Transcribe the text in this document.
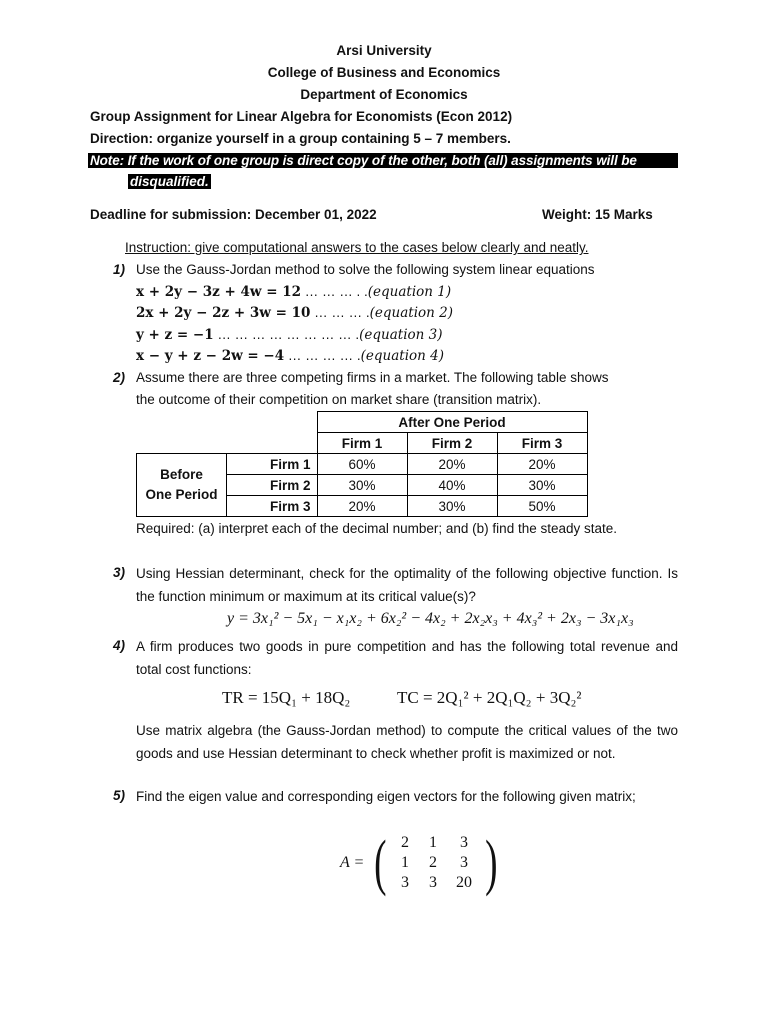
Arsi University
College of Business and Economics
Department of Economics
Group Assignment for Linear Algebra for Economists (Econ 2012)
Direction: organize yourself in a group containing 5 – 7 members.
Note: If the work of one group is direct copy of the other, both (all) assignments will be
disqualified.
Deadline for submission: December 01, 2022	Weight: 15 Marks
Instruction: give computational answers to the cases below clearly and neatly.
1) Use the Gauss-Jordan method to solve the following system linear equations
x + 2y − 3z + 4w = 12 … … … . .(equation 1)
2x + 2y − 2z + 3w = 10 … … … .(equation 2)
y + z = −1 … … … … … … … … .(equation 3)
x − y + z − 2w = −4 … … … … .(equation 4)
2) Assume there are three competing firms in a market. The following table shows
the outcome of their competition on market share (transition matrix).
		After One Period		
		Firm 1	Firm 2	Firm 3

Before
One Period	Firm 1	60%	20%	20%
	Firm 2	30%	40%	30%
	Firm 3	20%	30%	50%
Required: (a) interpret each of the decimal number; and (b) find the steady state.
3) Using Hessian determinant, check for the optimality of the following objective function. Is the function minimum or maximum at its critical value(s)?
y = 3x₁² − 5x₁ − x₁x₂ + 6x₂² − 4x₂ + 2x₂x₃ + 4x₃² + 2x₃ − 3x₁x₃
4) A firm produces two goods in pure competition and has the following total revenue and total cost functions:
TR = 15Q₁ + 18Q₂	TC = 2Q₁² + 2Q₁Q₂ + 3Q₂²
Use matrix algebra (the Gauss-Jordan method) to compute the critical values of the two goods and use Hessian determinant to check whether profit is maximized or not.
5) Find the eigen value and corresponding eigen vectors for the following given matrix;
A = ( 2	1	3
1	2	3
3	3	20 )
